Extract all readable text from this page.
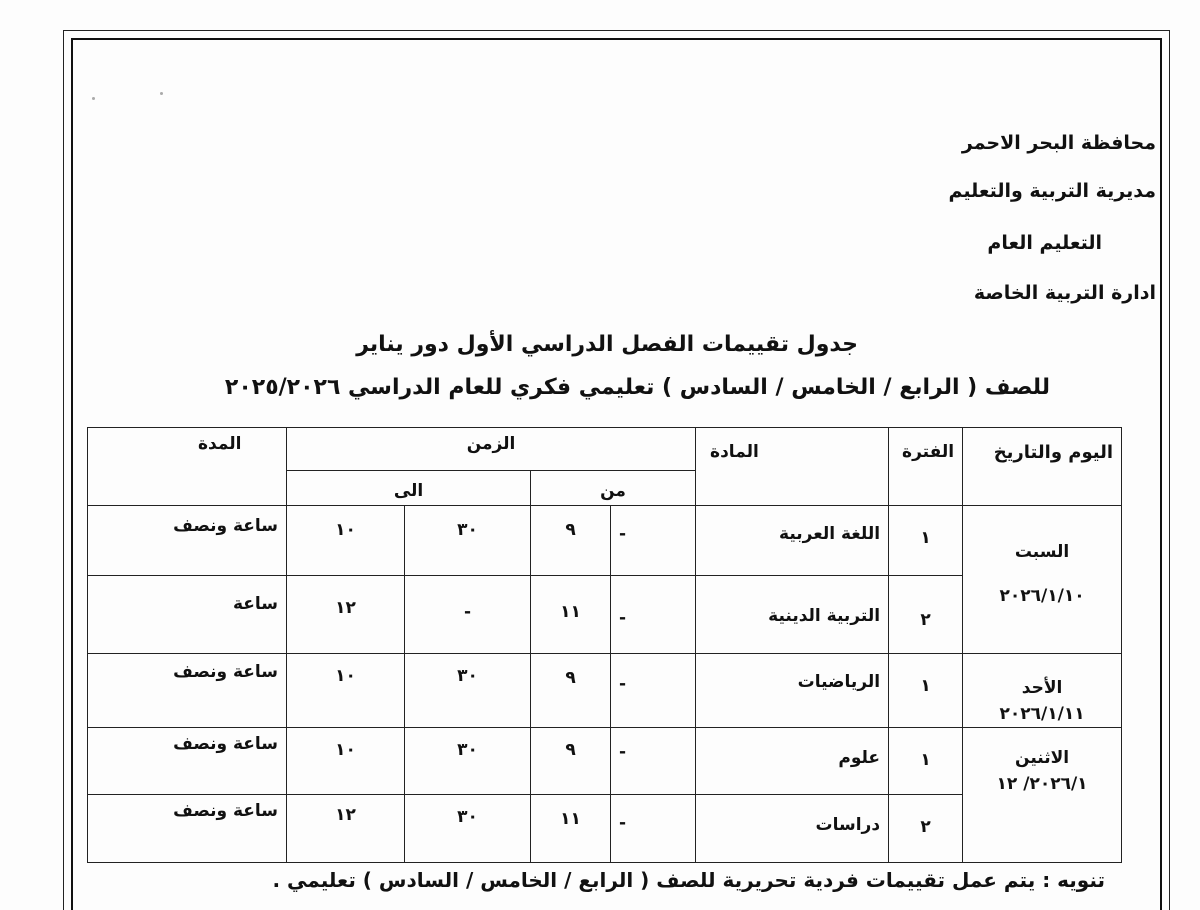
محافظة البحر الاحمر
مديرية التربية والتعليم
التعليم العام
ادارة التربية الخاصة
جدول تقييمات الفصل الدراسي الأول دور يناير
للصف ( الرابع / الخامس / السادس ) تعليمي فكري للعام الدراسي ٢٠٢٥/٢٠٢٦
اليوم والتاريخ	الفترة	المادة	الزمن				المدة
			من		الى		

السبت
٢٠٢٦/١/١٠	١	اللغة العربية	-	٩	٣٠	١٠	ساعة ونصف
	٢	التربية الدينية	-	١١	-	١٢	ساعة

الأحد
٢٠٢٦/١/١١	١	الرياضيات	-	٩	٣٠	١٠	ساعة ونصف

الاثنين
٢٠٢٦/١/ ١٢	١	علوم	-	٩	٣٠	١٠	ساعة ونصف
	٢	دراسات	-	١١	٣٠	١٢	ساعة ونصف
تنويه : يتم عمل تقييمات فردية تحريرية للصف ( الرابع / الخامس / السادس ) تعليمي .
